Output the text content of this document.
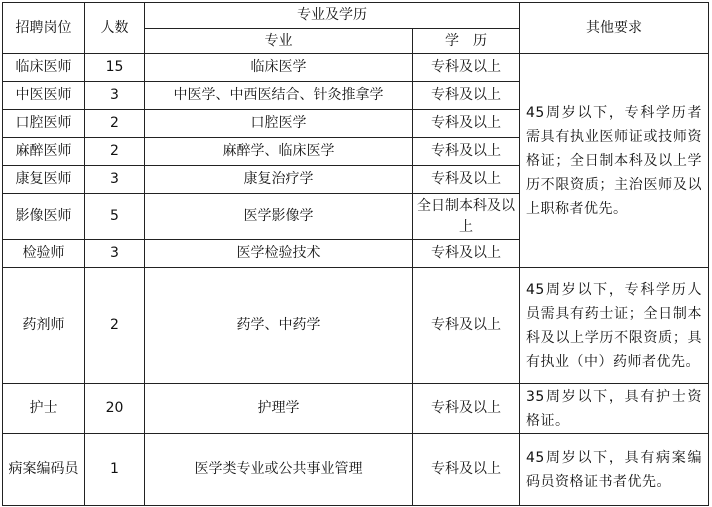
招聘岗位	人数	专业及学历		其他要求
		专业	学　历	
临床医师	15	临床医学	专科及以上	45周岁以下，专科学历者需具有执业医师证或技师资格证；全日制本科及以上学历不限资质；主治医师及以上职称者优先。
中医医师	3	中医学、中西医结合、针灸推拿学	专科及以上	
口腔医师	2	口腔医学	专科及以上	
麻醉医师	2	麻醉学、临床医学	专科及以上	
康复医师	3	康复治疗学	专科及以上	
影像医师	5	医学影像学	全日制本科及以上	
检验师	3	医学检验技术	专科及以上	
药剂师	2	药学、中药学	专科及以上	45周岁以下，专科学历人员需具有药士证；全日制本科及以上学历不限资质；具有执业（中）药师者优先。
护士	20	护理学	专科及以上	35周岁以下，具有护士资格证。
病案编码员	1	医学类专业或公共事业管理	专科及以上	45周岁以下，具有病案编码员资格证书者优先。
